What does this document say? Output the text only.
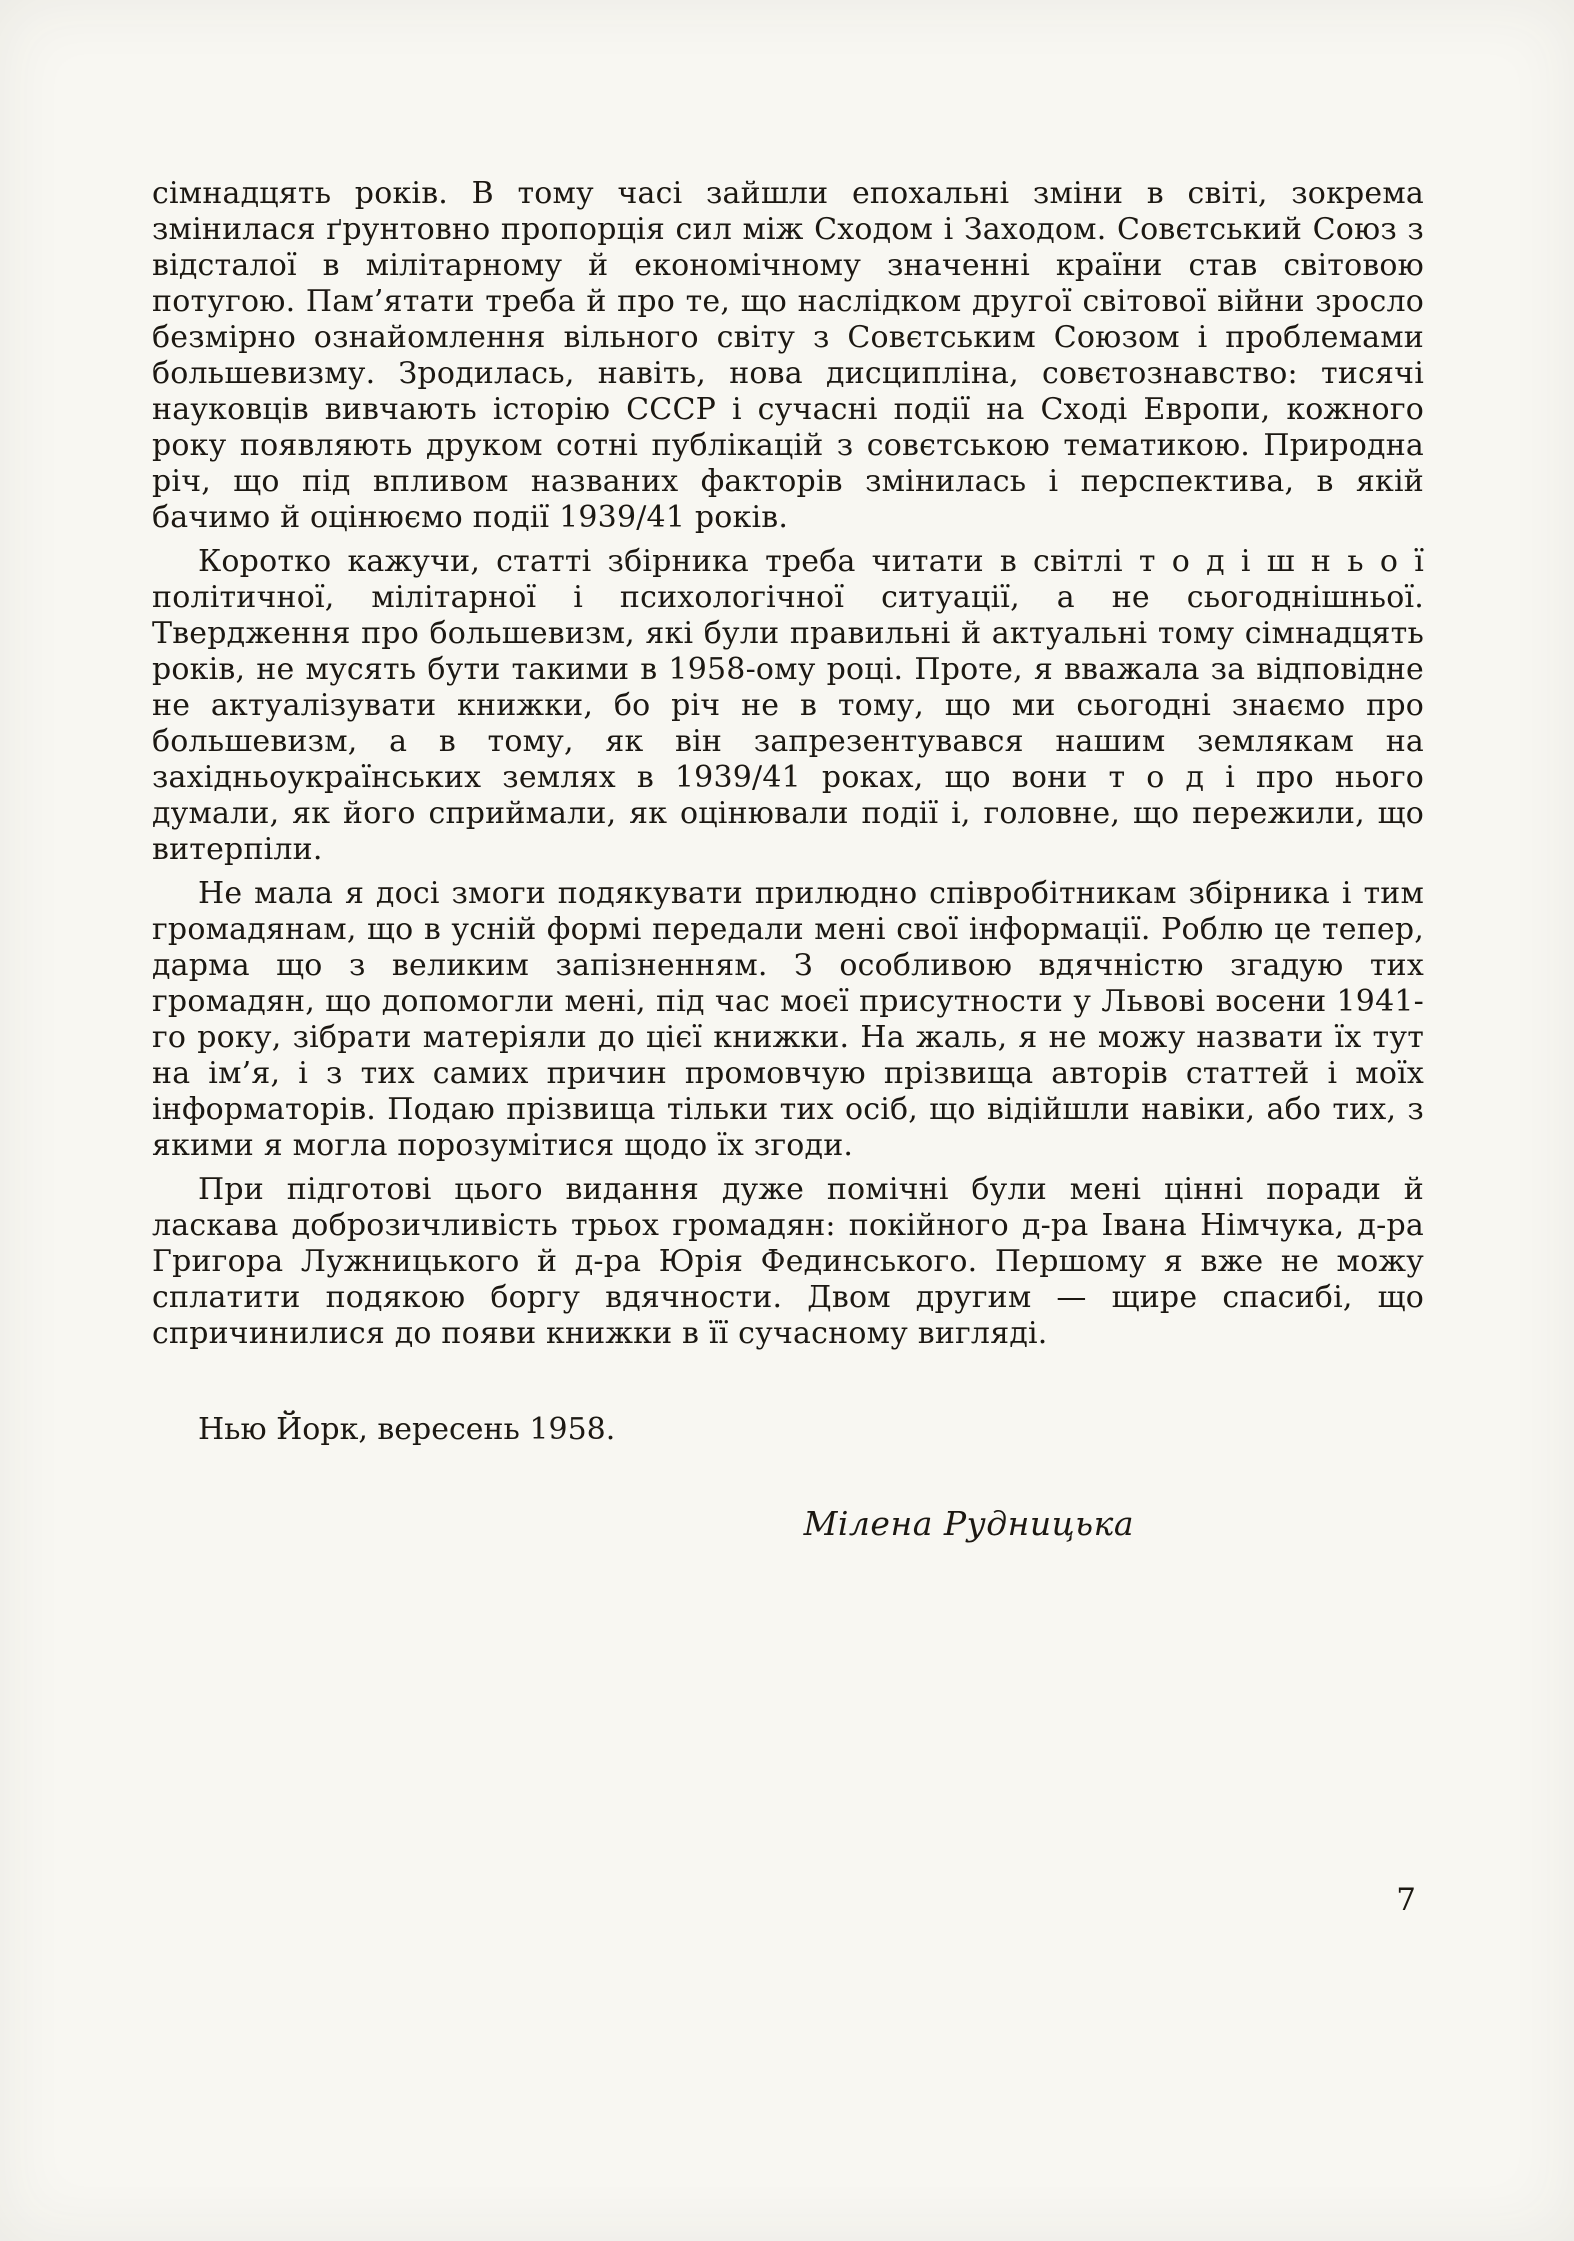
сімнадцять років. В тому часі зайшли епохальні зміни в світі, зокрема змінилася ґрунтовно пропорція сил між Сходом і Заходом. Совєтський Союз з відсталої в мілітарному й економічному значенні країни став світовою потугою. Пам’ятати треба й про те, що наслідком другої світової війни зросло безмірно ознайомлення вільного світу з Совєтським Союзом і проблемами большевизму. Зродилась, навіть, нова дисципліна, совєтознавство: тисячі науковців вивчають історію СССР і сучасні події на Сході Европи, кожного року появляють друком сотні публікацій з совєтською тематикою. Природна річ, що під впливом названих факторів змінилась і перспектива, в якій бачимо й оцінюємо події 1939/41 років.

Коротко кажучи, статті збірника треба читати в світлі т о д і ш н ь о ї політичної, мілітарної і психологічної ситуації, а не сьогоднішньої. Твердження про большевизм, які були правильні й актуальні тому сімнадцять років, не мусять бути такими в 1958-ому році. Проте, я вважала за відповідне не актуалізувати книжки, бо річ не в тому, що ми сьогодні знаємо про большевизм, а в тому, як він запрезентувався нашим землякам на західньоукраїнських землях в 1939/41 роках, що вони т о д і про нього думали, як його сприймали, як оцінювали події і, головне, що пережили, що витерпіли.

Не мала я досі змоги подякувати прилюдно співробітникам збірника і тим громадянам, що в усній формі передали мені свої інформації. Роблю це тепер, дарма що з великим запізненням. З особливою вдячністю згадую тих громадян, що допомогли мені, під час моєї присутности у Львові восени 1941-го року, зібрати матеріяли до цієї книжки. На жаль, я не можу назвати їх тут на ім’я, і з тих самих причин промовчую прізвища авторів статтей і моїх інформаторів. Подаю прізвища тільки тих осіб, що відійшли навіки, або тих, з якими я могла порозумітися щодо їх згоди.

При підготові цього видання дуже помічні були мені цінні поради й ласкава доброзичливість трьох громадян: покійного д-ра Івана Німчука, д-ра Григора Лужницького й д-ра Юрія Фединського. Першому я вже не можу сплатити подякою боргу вдячности. Двом другим — щире спасибі, що спричинилися до появи книжки в її сучасному вигляді.

Нью Йорк, вересень 1958.

Мілена Рудницька

7
